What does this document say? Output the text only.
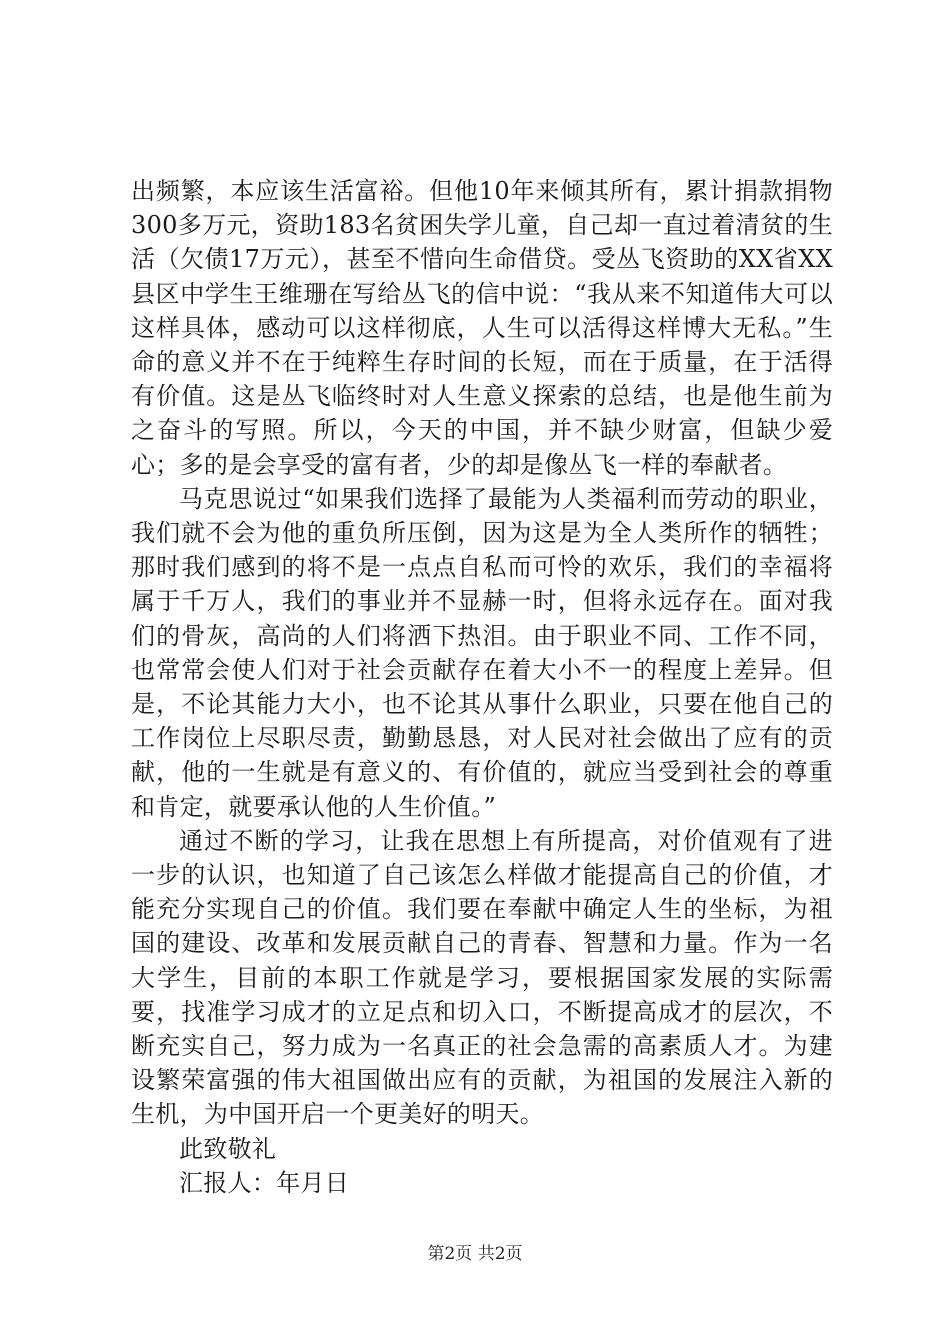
出频繁，本应该生活富裕。但他10年来倾其所有，累计捐款捐物300多万元，资助183名贫困失学儿童，自己却一直过着清贫的生活（欠债17万元），甚至不惜向生命借贷。受丛飞资助的XX省XX县区中学生王维珊在写给丛飞的信中说：“我从来不知道伟大可以这样具体，感动可以这样彻底，人生可以活得这样博大无私。”生命的意义并不在于纯粹生存时间的长短，而在于质量，在于活得有价值。这是丛飞临终时对人生意义探索的总结，也是他生前为之奋斗的写照。所以，今天的中国，并不缺少财富，但缺少爱心；多的是会享受的富有者，少的却是像丛飞一样的奉献者。

马克思说过“如果我们选择了最能为人类福利而劳动的职业，我们就不会为他的重负所压倒，因为这是为全人类所作的牺牲；那时我们感到的将不是一点点自私而可怜的欢乐，我们的幸福将属于千万人，我们的事业并不显赫一时，但将永远存在。面对我们的骨灰，高尚的人们将洒下热泪。由于职业不同、工作不同，也常常会使人们对于社会贡献存在着大小不一的程度上差异。但是，不论其能力大小，也不论其从事什么职业，只要在他自己的工作岗位上尽职尽责，勤勤恳恳，对人民对社会做出了应有的贡献，他的一生就是有意义的、有价值的，就应当受到社会的尊重和肯定，就要承认他的人生价值。”

通过不断的学习，让我在思想上有所提高，对价值观有了进一步的认识，也知道了自己该怎么样做才能提高自己的价值，才能充分实现自己的价值。我们要在奉献中确定人生的坐标，为祖国的建设、改革和发展贡献自己的青春、智慧和力量。作为一名大学生，目前的本职工作就是学习，要根据国家发展的实际需要，找准学习成才的立足点和切入口，不断提高成才的层次，不断充实自己，努力成为一名真正的社会急需的高素质人才。为建设繁荣富强的伟大祖国做出应有的贡献，为祖国的发展注入新的生机，为中国开启一个更美好的明天。

此致敬礼

汇报人：年月日

第2页 共2页
